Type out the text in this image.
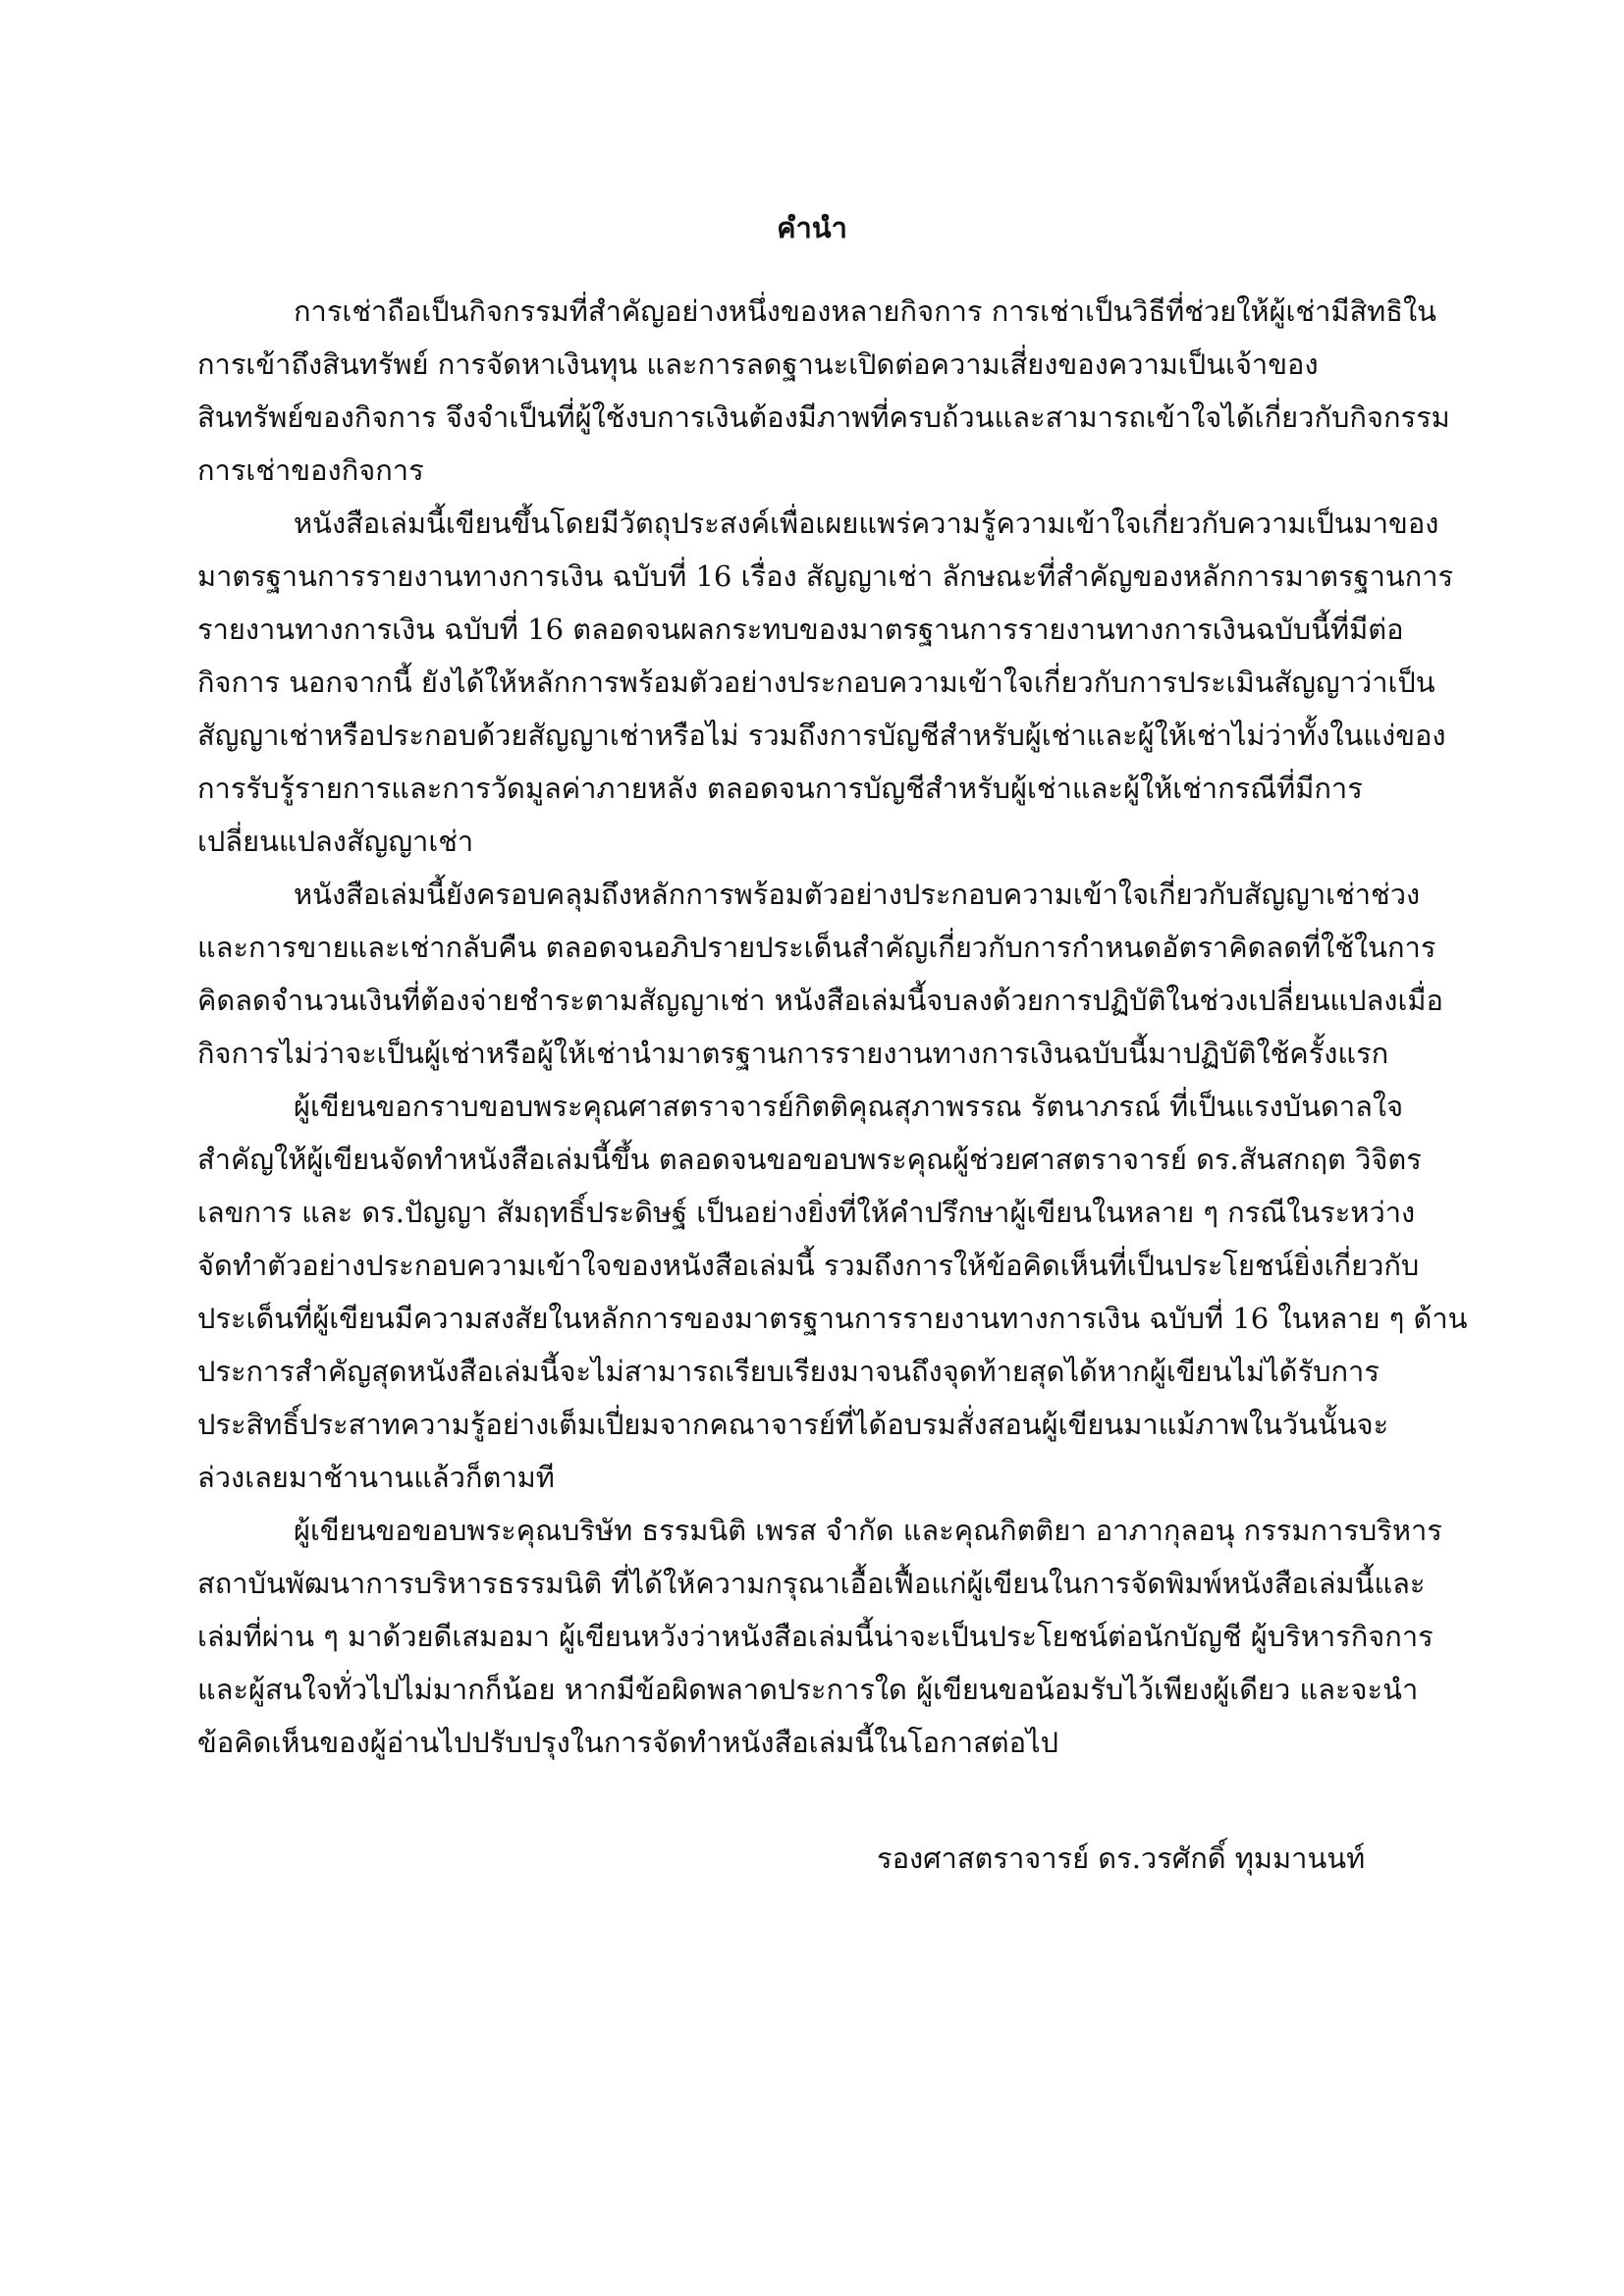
คำนำ
การเช่าถือเป็นกิจกรรมที่สำคัญอย่างหนึ่งของหลายกิจการ การเช่าเป็นวิธีที่ช่วยให้ผู้เช่ามีสิทธิใน
การเข้าถึงสินทรัพย์ การจัดหาเงินทุน และการลดฐานะเปิดต่อความเสี่ยงของความเป็นเจ้าของ
สินทรัพย์ของกิจการ จึงจำเป็นที่ผู้ใช้งบการเงินต้องมีภาพที่ครบถ้วนและสามารถเข้าใจได้เกี่ยวกับกิจกรรม
การเช่าของกิจการ
หนังสือเล่มนี้เขียนขึ้นโดยมีวัตถุประสงค์เพื่อเผยแพร่ความรู้ความเข้าใจเกี่ยวกับความเป็นมาของ
มาตรฐานการรายงานทางการเงิน ฉบับที่ 16 เรื่อง สัญญาเช่า ลักษณะที่สำคัญของหลักการมาตรฐานการ
รายงานทางการเงิน ฉบับที่ 16 ตลอดจนผลกระทบของมาตรฐานการรายงานทางการเงินฉบับนี้ที่มีต่อ
กิจการ นอกจากนี้ ยังได้ให้หลักการพร้อมตัวอย่างประกอบความเข้าใจเกี่ยวกับการประเมินสัญญาว่าเป็น
สัญญาเช่าหรือประกอบด้วยสัญญาเช่าหรือไม่ รวมถึงการบัญชีสำหรับผู้เช่าและผู้ให้เช่าไม่ว่าทั้งในแง่ของ
การรับรู้รายการและการวัดมูลค่าภายหลัง ตลอดจนการบัญชีสำหรับผู้เช่าและผู้ให้เช่ากรณีที่มีการ
เปลี่ยนแปลงสัญญาเช่า
หนังสือเล่มนี้ยังครอบคลุมถึงหลักการพร้อมตัวอย่างประกอบความเข้าใจเกี่ยวกับสัญญาเช่าช่วง
และการขายและเช่ากลับคืน ตลอดจนอภิปรายประเด็นสำคัญเกี่ยวกับการกำหนดอัตราคิดลดที่ใช้ในการ
คิดลดจำนวนเงินที่ต้องจ่ายชำระตามสัญญาเช่า หนังสือเล่มนี้จบลงด้วยการปฏิบัติในช่วงเปลี่ยนแปลงเมื่อ
กิจการไม่ว่าจะเป็นผู้เช่าหรือผู้ให้เช่านำมาตรฐานการรายงานทางการเงินฉบับนี้มาปฏิบัติใช้ครั้งแรก
ผู้เขียนขอกราบขอบพระคุณศาสตราจารย์กิตติคุณสุภาพรรณ รัตนาภรณ์ ที่เป็นแรงบันดาลใจ
สำคัญให้ผู้เขียนจัดทำหนังสือเล่มนี้ขึ้น ตลอดจนขอขอบพระคุณผู้ช่วยศาสตราจารย์ ดร.สันสกฤต วิจิตร
เลขการ และ ดร.ปัญญา สัมฤทธิ์ประดิษฐ์ เป็นอย่างยิ่งที่ให้คำปรึกษาผู้เขียนในหลาย ๆ กรณีในระหว่าง
จัดทำตัวอย่างประกอบความเข้าใจของหนังสือเล่มนี้ รวมถึงการให้ข้อคิดเห็นที่เป็นประโยชน์ยิ่งเกี่ยวกับ
ประเด็นที่ผู้เขียนมีความสงสัยในหลักการของมาตรฐานการรายงานทางการเงิน ฉบับที่ 16 ในหลาย ๆ ด้าน
ประการสำคัญสุดหนังสือเล่มนี้จะไม่สามารถเรียบเรียงมาจนถึงจุดท้ายสุดได้หากผู้เขียนไม่ได้รับการ
ประสิทธิ์ประสาทความรู้อย่างเต็มเปี่ยมจากคณาจารย์ที่ได้อบรมสั่งสอนผู้เขียนมาแม้ภาพในวันนั้นจะ
ล่วงเลยมาช้านานแล้วก็ตามที
ผู้เขียนขอขอบพระคุณบริษัท ธรรมนิติ เพรส จำกัด และคุณกิตติยา อาภากุลอนุ กรรมการบริหาร
สถาบันพัฒนาการบริหารธรรมนิติ ที่ได้ให้ความกรุณาเอื้อเฟื้อแก่ผู้เขียนในการจัดพิมพ์หนังสือเล่มนี้และ
เล่มที่ผ่าน ๆ มาด้วยดีเสมอมา ผู้เขียนหวังว่าหนังสือเล่มนี้น่าจะเป็นประโยชน์ต่อนักบัญชี ผู้บริหารกิจการ
และผู้สนใจทั่วไปไม่มากก็น้อย หากมีข้อผิดพลาดประการใด ผู้เขียนขอน้อมรับไว้เพียงผู้เดียว และจะนำ
ข้อคิดเห็นของผู้อ่านไปปรับปรุงในการจัดทำหนังสือเล่มนี้ในโอกาสต่อไป
รองศาสตราจารย์ ดร.วรศักดิ์ ทุมมานนท์
